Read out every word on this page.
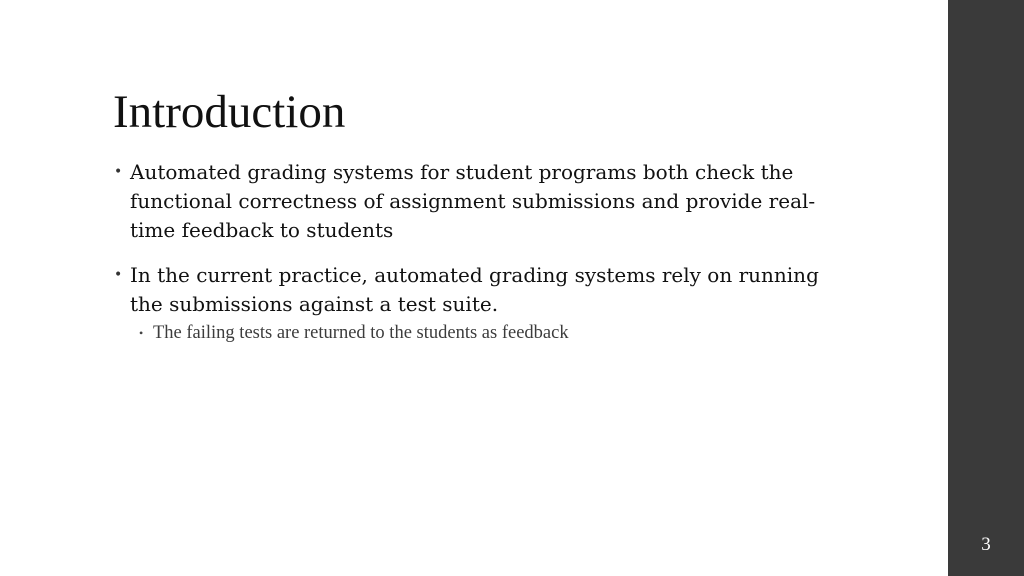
Introduction
• Automated grading systems for student programs both check the functional correctness of assignment submissions and provide real-time feedback to students
• In the current practice, automated grading systems rely on running the submissions against a test suite.
• The failing tests are returned to the students as feedback
3
